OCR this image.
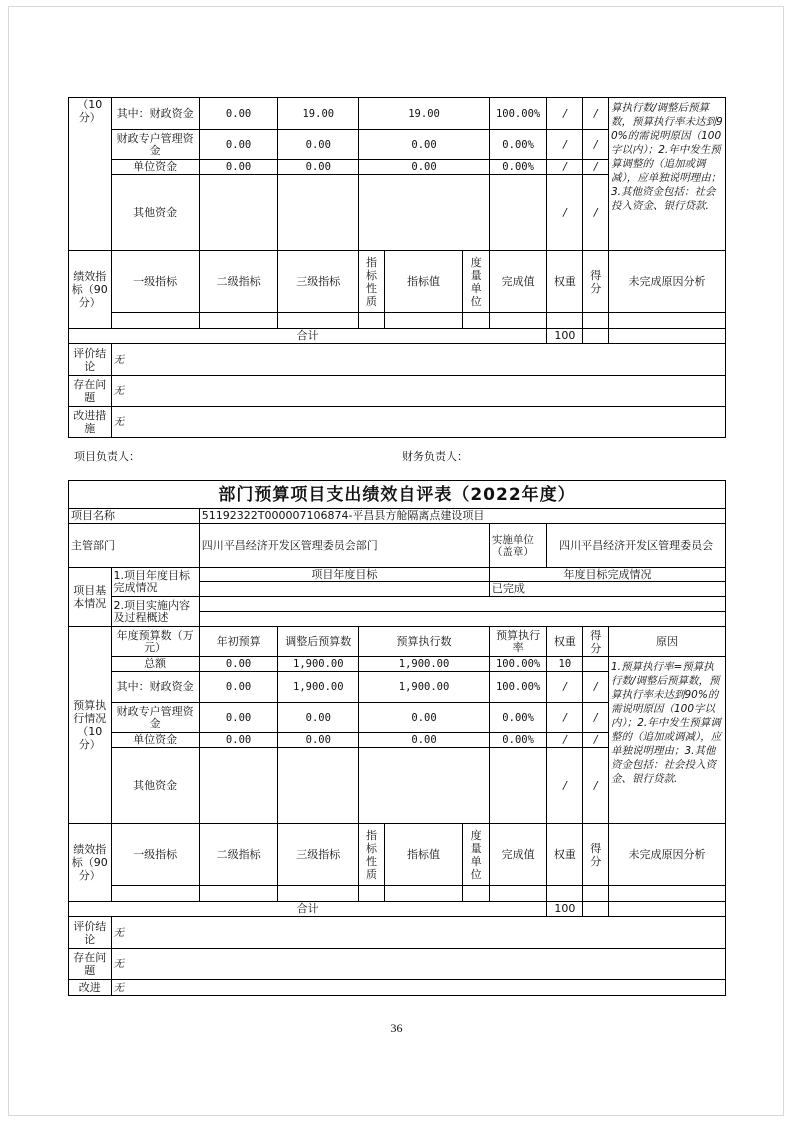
（10分）	其中：财政资金	0.00	19.00	19.00			100.00%	/	/	算执行数/调整后预算数，预算执行率未达到90%的需说明原因（100字以内）；2.年中发生预算调整的（追加或调减），应单独说明理由；3.其他资金包括：社会投入资金、银行贷款.
	财政专户管理资金	0.00	0.00	0.00			0.00%	/	/	
	单位资金	0.00	0.00	0.00			0.00%	/	/	
	其他资金							/	/	
绩效指标（90分）	一级指标	二级指标	三级指标	指标性质	指标值	度量单位	完成值	权重	得分	未完成原因分析

合计								100		
评价结论	无									
存在问题	无									
改进措施	无									
项目负责人：	财务负责人：
部门预算项目支出绩效自评表（2022年度）										
项目名称		51192322T000007106874-平昌县方舱隔离点建设项目								
主管部门		四川平昌经济开发区管理委员会部门					实施单位（盖章）	四川平昌经济开发区管理委员会		
项目基本情况	1.项目年度目标完成情况	项目年度目标					年度目标完成情况			
							已完成			
	2.项目实施内容及过程概述									

预算执行情况（10分）	年度预算数（万元）	年初预算	调整后预算数	预算执行数			预算执行率	权重	得分	原因
	总额	0.00	1,900.00	1,900.00			100.00%	10		1.预算执行率=预算执行数/调整后预算数，预算执行率未达到90%的需说明原因（100字以内）；2.年中发生预算调整的（追加或调减），应单独说明理由；3.其他资金包括：社会投入资金、银行贷款.
	其中：财政资金	0.00	1,900.00	1,900.00			100.00%	/	/	
	财政专户管理资金	0.00	0.00	0.00			0.00%	/	/	
	单位资金	0.00	0.00	0.00			0.00%	/	/	
	其他资金							/	/	
绩效指标（90分）	一级指标	二级指标	三级指标	指标性质	指标值	度量单位	完成值	权重	得分	未完成原因分析

合计								100		
评价结论	无									
存在问题	无									
改进	无									
36
